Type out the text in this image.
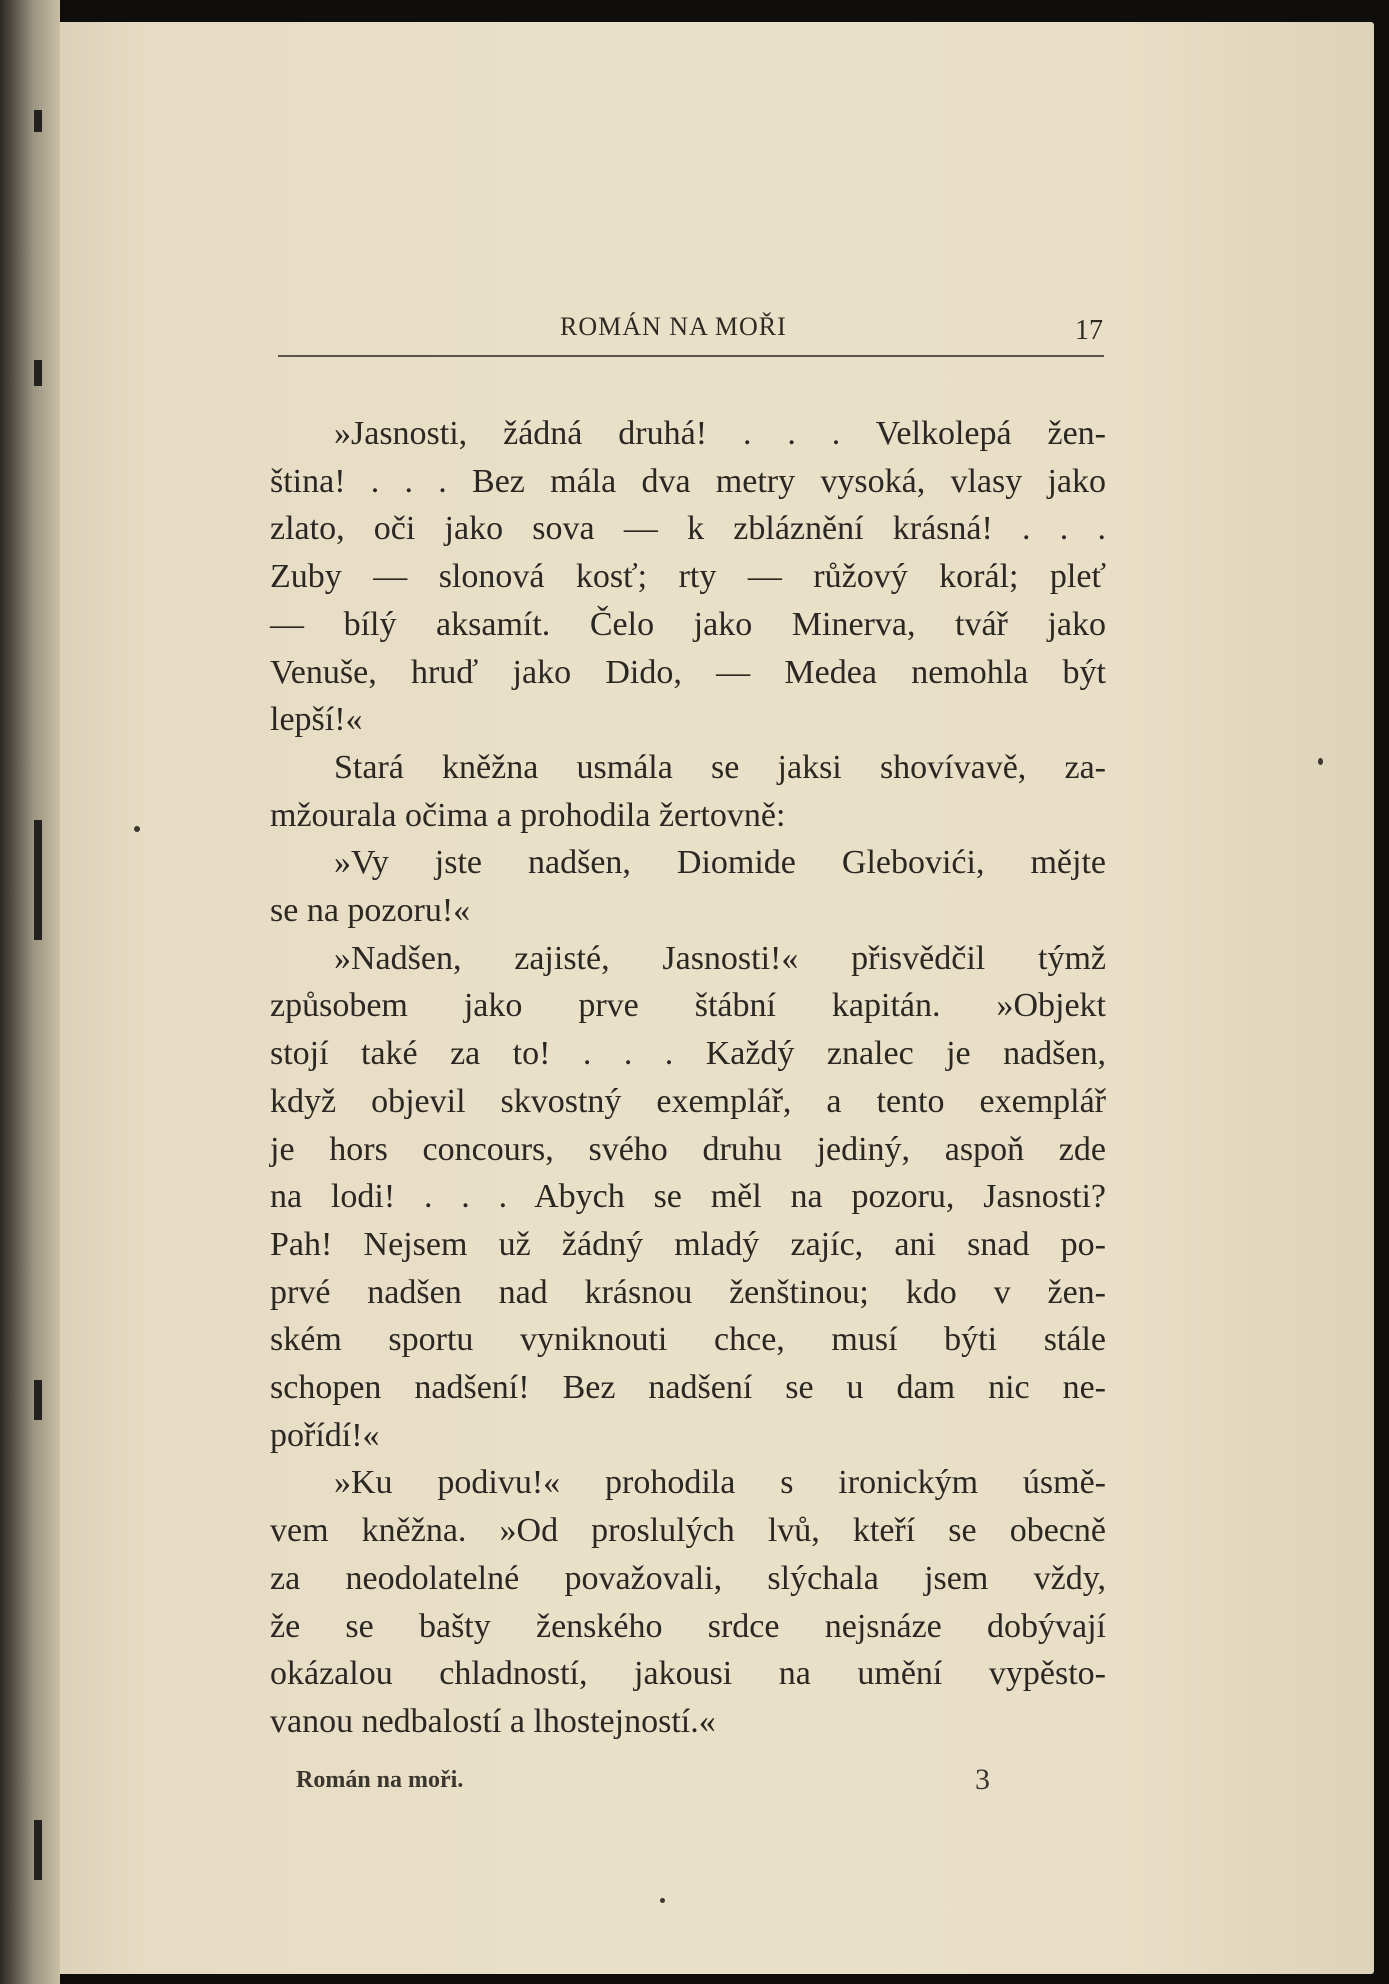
ROMÁN NA MOŘI	17
»Jasnosti, žádná druhá! . . . Velkolepá žen-
ština! . . . Bez mála dva metry vysoká, vlasy jako
zlato, oči jako sova — k zbláznění krásná! . . .
Zuby — slonová kosť; rty — růžový korál; pleť
— bílý aksamít. Čelo jako Minerva, tvář jako
Venuše, hruď jako Dido, — Medea nemohla být
lepší!«
Stará kněžna usmála se jaksi shovívavě, za-
mžourala očima a prohodila žertovně:
»Vy jste nadšen, Diomide Glebovići, mějte
se na pozoru!«
»Nadšen, zajisté, Jasnosti!« přisvědčil týmž
způsobem jako prve štábní kapitán. »Objekt
stojí také za to! . . . Každý znalec je nadšen,
když objevil skvostný exemplář, a tento exemplář
je hors concours, svého druhu jediný, aspoň zde
na lodi! . . . Abych se měl na pozoru, Jasnosti?
Pah! Nejsem už žádný mladý zajíc, ani snad po-
prvé nadšen nad krásnou ženštinou; kdo v žen-
ském sportu vyniknouti chce, musí býti stále
schopen nadšení! Bez nadšení se u dam nic ne-
pořídí!«
»Ku podivu!« prohodila s ironickým úsmě-
vem kněžna. »Od proslulých lvů, kteří se obecně
za neodolatelné považovali, slýchala jsem vždy,
že se bašty ženského srdce nejsnáze dobývají
okázalou chladností, jakousi na umění vypěsto-
vanou nedbalostí a lhostejností.«
Román na moři.	3
